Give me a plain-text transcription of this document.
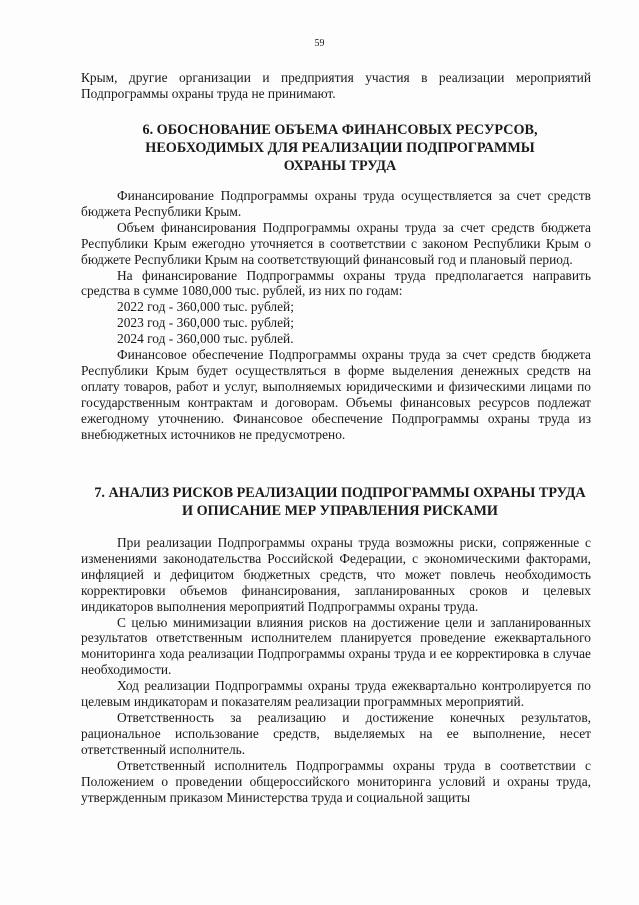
59

Крым, другие организации и предприятия участия в реализации мероприятий Подпрограммы охраны труда не принимают.

6. ОБОСНОВАНИЕ ОБЪЕМА ФИНАНСОВЫХ РЕСУРСОВ,
НЕОБХОДИМЫХ ДЛЯ РЕАЛИЗАЦИИ ПОДПРОГРАММЫ
ОХРАНЫ ТРУДА

Финансирование Подпрограммы охраны труда осуществляется за счет средств бюджета Республики Крым.

Объем финансирования Подпрограммы охраны труда за счет средств бюджета Республики Крым ежегодно уточняется в соответствии с законом Республики Крым о бюджете Республики Крым на соответствующий финансовый год и плановый период.

На финансирование Подпрограммы охраны труда предполагается направить средства в сумме 1080,000 тыс. рублей, из них по годам:

2022 год - 360,000 тыс. рублей;
2023 год - 360,000 тыс. рублей;
2024 год - 360,000 тыс. рублей.

Финансовое обеспечение Подпрограммы охраны труда за счет средств бюджета Республики Крым будет осуществляться в форме выделения денежных средств на оплату товаров, работ и услуг, выполняемых юридическими и физическими лицами по государственным контрактам и договорам. Объемы финансовых ресурсов подлежат ежегодному уточнению. Финансовое обеспечение Подпрограммы охраны труда из внебюджетных источников не предусмотрено.

7. АНАЛИЗ РИСКОВ РЕАЛИЗАЦИИ ПОДПРОГРАММЫ ОХРАНЫ ТРУДА
И ОПИСАНИЕ МЕР УПРАВЛЕНИЯ РИСКАМИ

При реализации Подпрограммы охраны труда возможны риски, сопряженные с изменениями законодательства Российской Федерации, с экономическими факторами, инфляцией и дефицитом бюджетных средств, что может повлечь необходимость корректировки объемов финансирования, запланированных сроков и целевых индикаторов выполнения мероприятий Подпрограммы охраны труда.

С целью минимизации влияния рисков на достижение цели и запланированных результатов ответственным исполнителем планируется проведение ежеквартального мониторинга хода реализации Подпрограммы охраны труда и ее корректировка в случае необходимости.

Ход реализации Подпрограммы охраны труда ежеквартально контролируется по целевым индикаторам и показателям реализации программных мероприятий.

Ответственность за реализацию и достижение конечных результатов, рациональное использование средств, выделяемых на ее выполнение, несет ответственный исполнитель.

Ответственный исполнитель Подпрограммы охраны труда в соответствии с Положением о проведении общероссийского мониторинга условий и охраны труда, утвержденным приказом Министерства труда и социальной защиты
